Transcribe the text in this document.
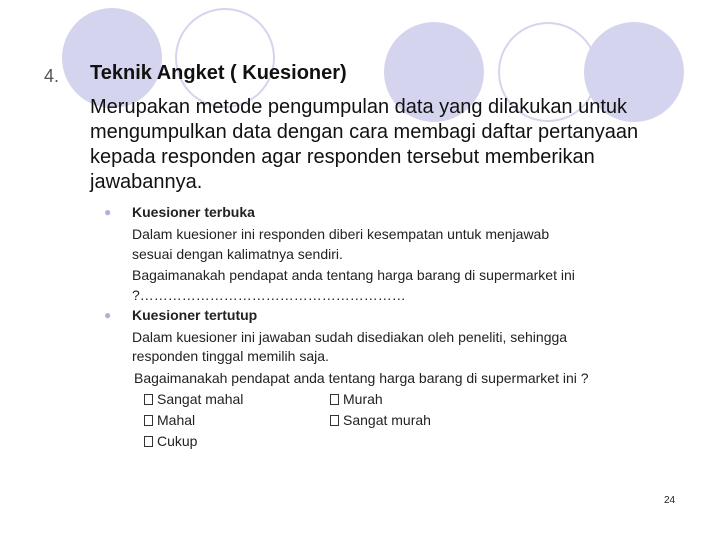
4. Teknik Angket ( Kuesioner)
Merupakan metode pengumpulan data yang dilakukan untuk mengumpulkan data dengan cara membagi daftar pertanyaan kepada responden agar responden tersebut memberikan jawabannya.
● Kuesioner terbuka
Dalam kuesioner ini responden diberi kesempatan untuk menjawab
sesuai dengan kalimatnya sendiri.
Bagaimanakah pendapat anda tentang harga barang di supermarket ini
?…………………………………………………
● Kuesioner tertutup
Dalam kuesioner ini jawaban sudah disediakan oleh peneliti, sehingga
responden tinggal memilih saja.
Bagaimanakah pendapat anda tentang harga barang di supermarket ini ?
Sangat mahal	Murah
Mahal	Sangat murah
Cukup
24
